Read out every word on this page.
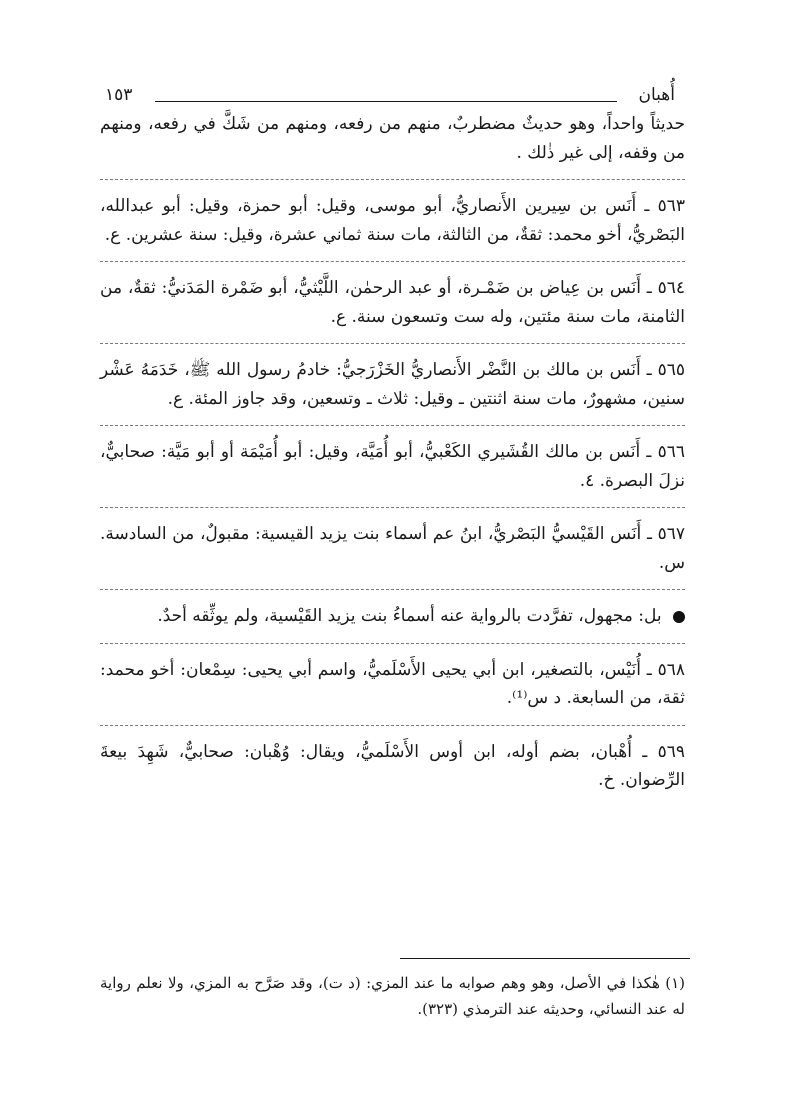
أُهبان
١٥٣

حديثاً واحداً، وهو حديثٌ مضطربٌ، منهم من رفعه، ومنهم من شَكَّ في رفعه، ومنهم من وقفه، إلى غير ذٰلك .

٥٦٣ ـ أَنَس بن سِيرين الأَنصاريُّ، أبو موسى، وقيل: أبو حمزة، وقيل: أبو عبدالله، البَصْريُّ، أخو محمد: ثقةٌ، من الثالثة، مات سنة ثماني عشرة، وقيل: سنة عشرين. ع.

٥٦٤ ـ أَنَس بن عِياض بن ضَمْـرة، أو عبد الرحمٰن، اللَّيْثيُّ، أبو ضَمْرة المَدَنيُّ: ثقةٌ، من الثامنة، مات سنة مئتين، وله ست وتسعون سنة. ع.

٥٦٥ ـ أَنَس بن مالك بن النَّضْر الأَنصاريُّ الخَزْرَجيُّ: خادمُ رسول الله ﷺ، خَدَمَهُ عَشْر سنين، مشهورٌ، مات سنة اثنتين ـ وقيل: ثلاث ـ وتسعين، وقد جاوز المئة. ع.

٥٦٦ ـ أَنَس بن مالك القُشَيري الكَعْبيُّ، أبو أُمَيَّة، وقيل: أبو أُمَيْمَة أو أبو مَيَّة: صحابيٌّ، نزلَ البصرة. ٤.

٥٦٧ ـ أَنَس القَيْسيُّ البَصْريُّ، ابنُ عم أسماء بنت يزيد القيسية: مقبولٌ، من السادسة. س.

بل: مجهول، تفرَّدت بالرواية عنه أسماءُ بنت يزيد القَيْسية، ولم يوثِّقه أحدٌ.

٥٦٨ ـ أُنَيْس، بالتصغير، ابن أبي يحيى الأَسْلَميُّ، واسم أبي يحيى: سِمْعان: أخو محمد: ثقة، من السابعة. د س⁽¹⁾.

٥٦٩ ـ أُهْبان، بضم أوله، ابن أوس الأَسْلَميُّ، ويقال: وُهْبان: صحابيٌّ، شَهِدَ بيعةَ الرِّضوان. خ.

(١) هٰكذا في الأصل، وهو وهم صوابه ما عند المزي: (د ت)، وقد صَرَّح به المزي، ولا نعلم رواية له عند النسائي، وحديثه عند الترمذي (٣٢٣).
